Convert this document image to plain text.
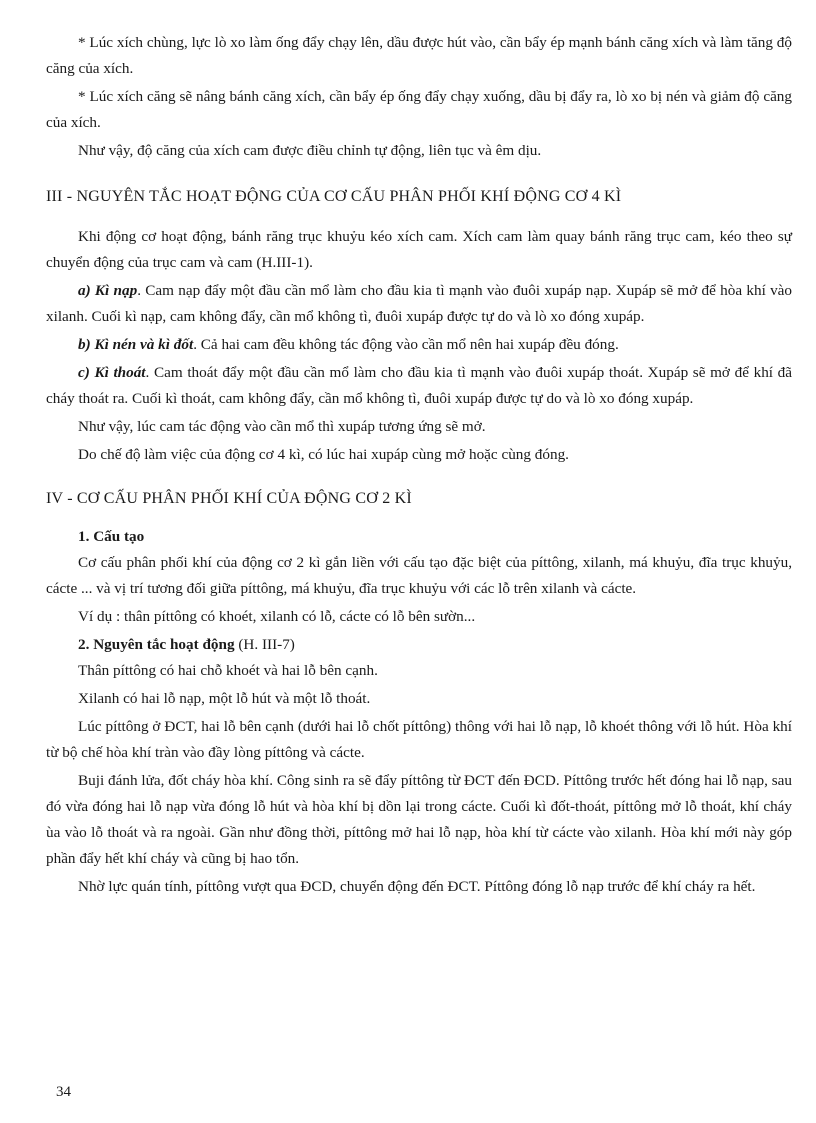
* Lúc xích chùng, lực lò xo làm ống đẩy chạy lên, dầu được hút vào, cần bẩy ép mạnh bánh căng xích và làm tăng độ căng của xích.

* Lúc xích căng sẽ nâng bánh căng xích, cần bẩy ép ống đẩy chạy xuống, dầu bị đẩy ra, lò xo bị nén và giảm độ căng của xích.

Như vậy, độ căng của xích cam được điều chỉnh tự động, liên tục và êm dịu.

III - NGUYÊN TẮC HOẠT ĐỘNG CỦA CƠ CẤU PHÂN PHỐI KHÍ ĐỘNG CƠ 4 KÌ

Khi động cơ hoạt động, bánh răng trục khuỷu kéo xích cam. Xích cam làm quay bánh răng trục cam, kéo theo sự chuyển động của trục cam và cam (H.III-1).

a) Kì nạp. Cam nạp đẩy một đầu cần mổ làm cho đầu kia tì mạnh vào đuôi xupáp nạp. Xupáp sẽ mở để hòa khí vào xilanh. Cuối kì nạp, cam không đẩy, cần mổ không tì, đuôi xupáp được tự do và lò xo đóng xupáp.

b) Kì nén và kì đốt. Cả hai cam đều không tác động vào cần mổ nên hai xupáp đều đóng.

c) Kì thoát. Cam thoát đẩy một đầu cần mổ làm cho đầu kia tì mạnh vào đuôi xupáp thoát. Xupáp sẽ mở để khí đã cháy thoát ra. Cuối kì thoát, cam không đẩy, cần mổ không tì, đuôi xupáp được tự do và lò xo đóng xupáp.

Như vậy, lúc cam tác động vào cần mổ thì xupáp tương ứng sẽ mở.

Do chế độ làm việc của động cơ 4 kì, có lúc hai xupáp cùng mở hoặc cùng đóng.

IV - CƠ CẤU PHÂN PHỐI KHÍ CỦA ĐỘNG CƠ 2 KÌ
1. Cấu tạo

Cơ cấu phân phối khí của động cơ 2 kì gắn liền với cấu tạo đặc biệt của píttông, xilanh, má khuỷu, đĩa trục khuỷu, cácte ... và vị trí tương đối giữa píttông, má khuỷu, đĩa trục khuỷu với các lỗ trên xilanh và cácte.

Ví dụ : thân píttông có khoét, xilanh có lỗ, cácte có lỗ bên sườn...

2. Nguyên tắc hoạt động (H. III-7)

Thân píttông có hai chỗ khoét và hai lỗ bên cạnh.

Xilanh có hai lỗ nạp, một lỗ hút và một lỗ thoát.

Lúc píttông ở ĐCT, hai lỗ bên cạnh (dưới hai lỗ chốt píttông) thông với hai lỗ nạp, lỗ khoét thông với lỗ hút. Hòa khí từ bộ chế hòa khí tràn vào đầy lòng píttông và cácte.

Buji đánh lửa, đốt cháy hòa khí. Công sinh ra sẽ đẩy píttông từ ĐCT đến ĐCD. Píttông trước hết đóng hai lỗ nạp, sau đó vừa đóng hai lỗ nạp vừa đóng lỗ hút và hòa khí bị dồn lại trong cácte. Cuối kì đốt-thoát, píttông mở lỗ thoát, khí cháy ùa vào lỗ thoát và ra ngoài. Gần như đồng thời, píttông mở hai lỗ nạp, hòa khí từ cácte vào xilanh. Hòa khí mới này góp phần đẩy hết khí cháy và cũng bị hao tổn.

Nhờ lực quán tính, píttông vượt qua ĐCD, chuyển động đến ĐCT. Píttông đóng lỗ nạp trước để khí cháy ra hết.

34
